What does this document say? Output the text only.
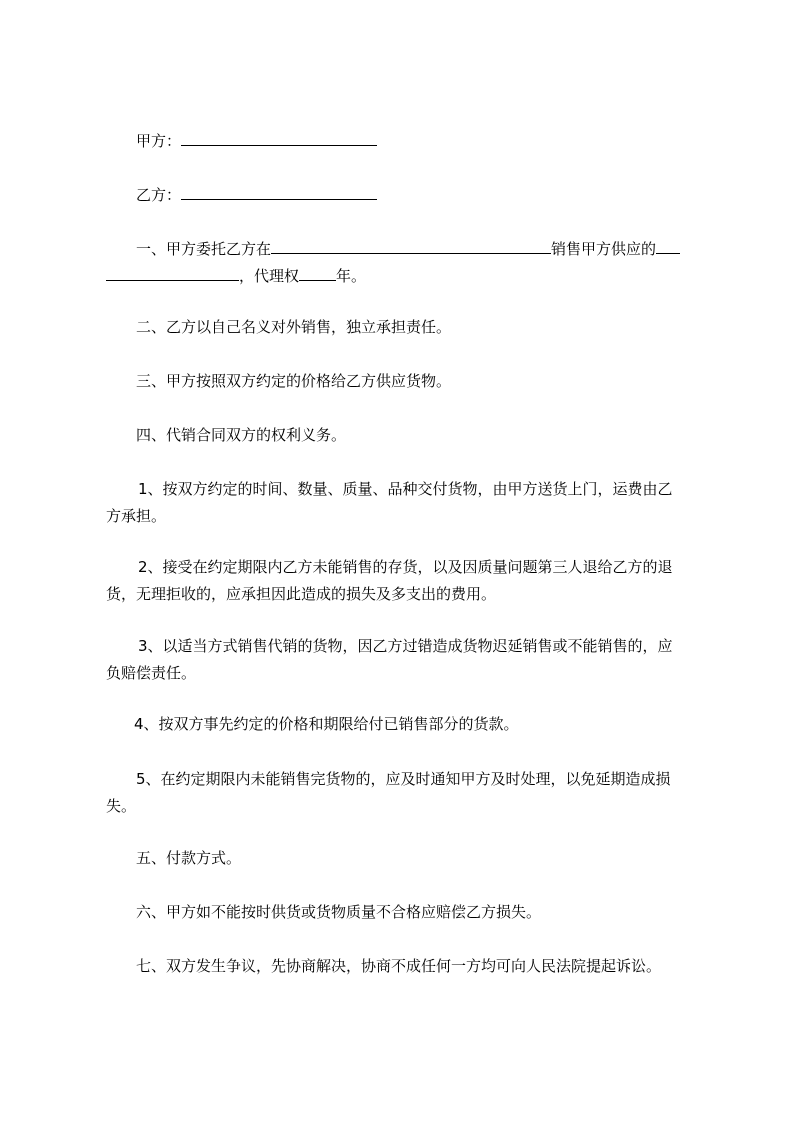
甲方：
乙方：
一、甲方委托乙方在	销售甲方供应的
，代理权 年。
二、乙方以自己名义对外销售，独立承担责任。
三、甲方按照双方约定的价格给乙方供应货物。
四、代销合同双方的权利义务。
1、按双方约定的时间、数量、质量、品种交付货物，由甲方送货上门，运费由乙
方承担。
2、接受在约定期限内乙方未能销售的存货，以及因质量问题第三人退给乙方的退
货，无理拒收的，应承担因此造成的损失及多支出的费用。
3、以适当方式销售代销的货物，因乙方过错造成货物迟延销售或不能销售的，应
负赔偿责任。
4、按双方事先约定的价格和期限给付已销售部分的货款。
5、在约定期限内未能销售完货物的，应及时通知甲方及时处理，以免延期造成损
失。
五、付款方式。
六、甲方如不能按时供货或货物质量不合格应赔偿乙方损失。
七、双方发生争议，先协商解决，协商不成任何一方均可向人民法院提起诉讼。
